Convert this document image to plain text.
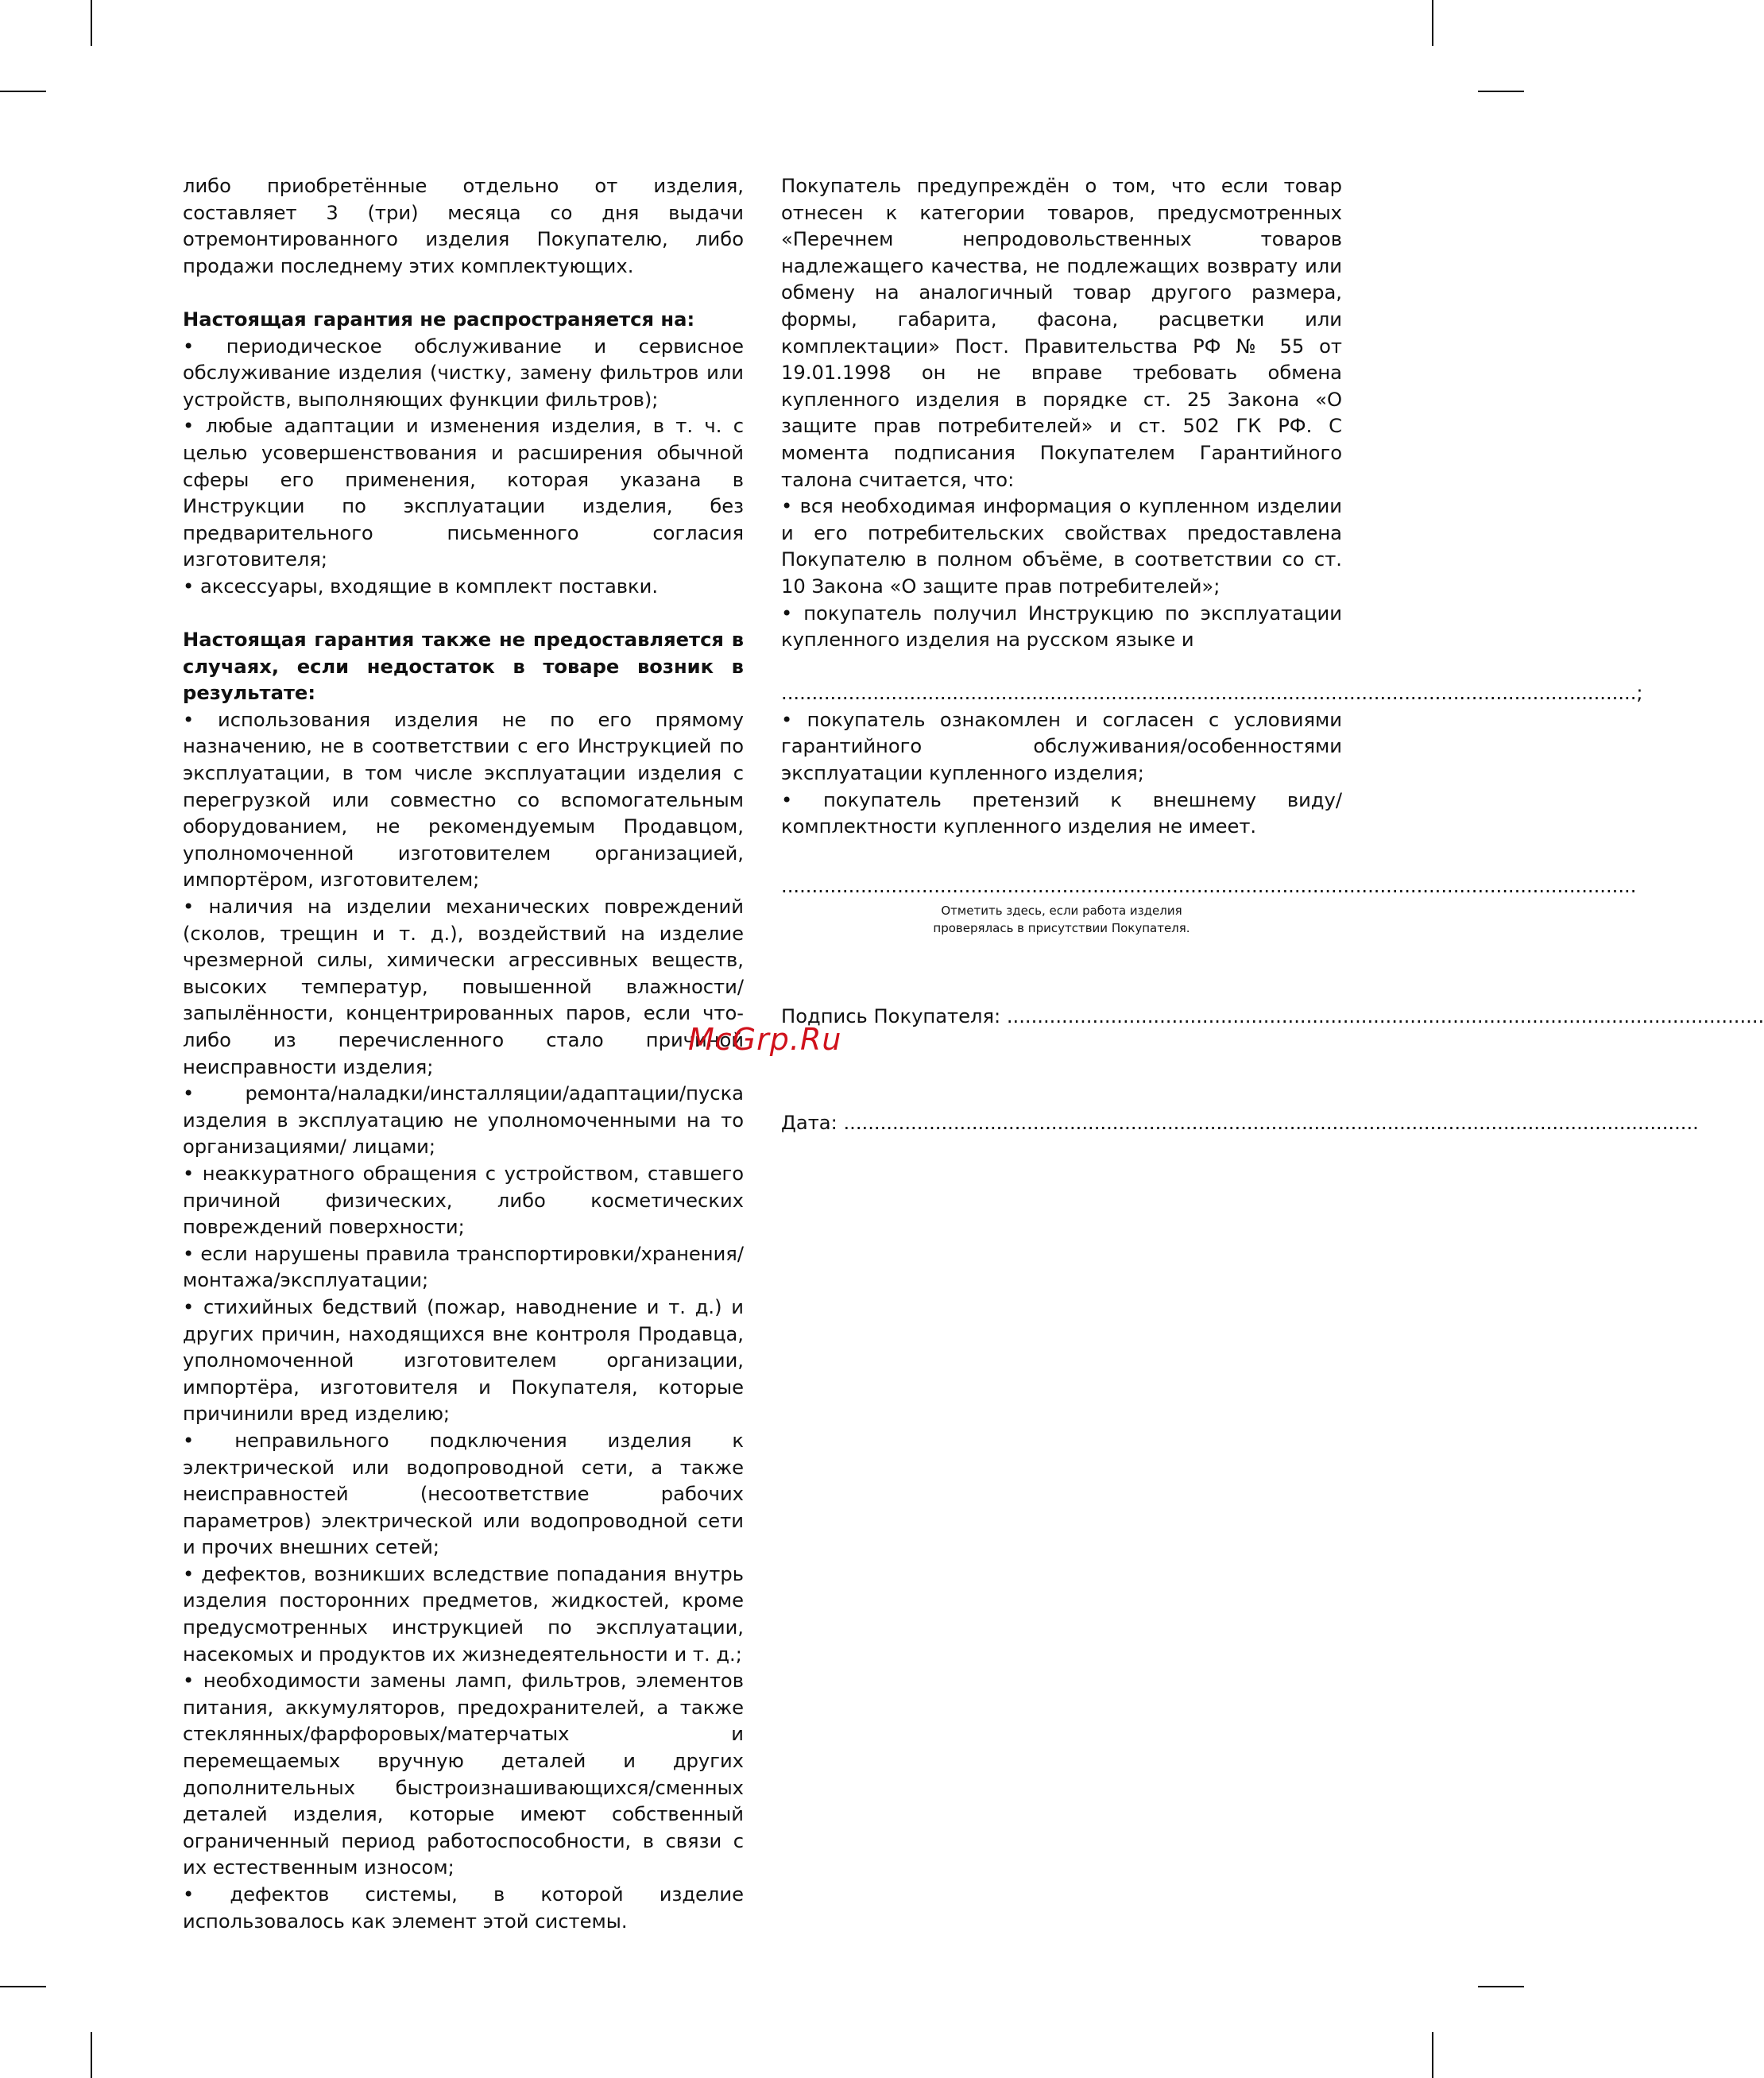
либо приобретённые отдельно от изделия, составляет 3 (три) месяца со дня выдачи отремонтированного изделия Покупателю, либо продажи последнему этих комплектующих.

Настоящая гарантия не распространяется на:

• периодическое обслуживание и сервисное обслуживание изделия (чистку, замену фильтров или устройств, выполняющих функции фильтров);

• любые адаптации и изменения изделия, в т. ч. с целью усовершенствования и расширения обычной сферы его применения, которая указана в Инструкции по эксплуатации изделия, без предварительного письменного согласия изготовителя;

• аксессуары, входящие в комплект поставки.

Настоящая гарантия также не предоставляется в случаях, если недостаток в товаре возник в результате:

• использования изделия не по его прямому назначению, не в соответствии с его Инструкцией по эксплуатации, в том числе эксплуатации изделия с перегрузкой или совместно со вспомогательным оборудованием, не рекомендуемым Продавцом, уполномоченной изготовителем организацией, импортёром, изготовителем;

• наличия на изделии механических повреждений (сколов, трещин и т. д.), воздействий на изделие чрезмерной силы, химически агрессивных веществ, высоких температур, повышенной влажности/запылённости, концентрированных паров, если что-либо из перечисленного стало причиной неисправности изделия;

• ремонта/наладки/инсталляции/адаптации/пуска изделия в эксплуатацию не уполномоченными на то организациями/ лицами;

• неаккуратного обращения с устройством, ставшего причиной физических, либо косметических повреждений поверхности;

• если нарушены правила транспортировки/хранения/монтажа/эксплуатации;

• стихийных бедствий (пожар, наводнение и т. д.) и других причин, находящихся вне контроля Продавца, уполномоченной изготовителем организации, импортёра, изготовителя и Покупателя, которые причинили вред изделию;

• неправильного подключения изделия к электрической или водопроводной сети, а также неисправностей (несоответствие рабочих параметров) электрической или водопроводной сети и прочих внешних сетей;

• дефектов, возникших вследствие попадания внутрь изделия посторонних предметов, жидкостей, кроме предусмотренных инструкцией по эксплуатации, насекомых и продуктов их жизнедеятельности и т. д.;

• необходимости замены ламп, фильтров, элементов питания, аккумуляторов, предохранителей, а также стеклянных/фарфоровых/матерчатых и перемещаемых вручную деталей и других дополнительных быстроизнашивающихся/сменных деталей изделия, которые имеют собственный ограниченный период работоспособности, в связи с их естественным износом;

• дефектов системы, в которой изделие использовалось как элемент этой системы.

Покупатель предупреждён о том, что если товар отнесен к категории товаров, предусмотренных «Перечнем непродовольственных товаров надлежащего качества, не подлежащих возврату или обмену на аналогичный товар другого размера, формы, габарита, фасона, расцветки или комплектации» Пост. Правительства РФ № 55 от 19.01.1998 он не вправе требовать обмена купленного изделия в порядке ст. 25 Закона «О защите прав потребителей» и ст. 502 ГК РФ. С момента подписания Покупателем Гарантийного талона считается, что:

• вся необходимая информация о купленном изделии и его потребительских свойствах предоставлена Покупателю в полном объёме, в соответствии со ст. 10 Закона «О защите прав потребителей»;

• покупатель получил Инструкцию по эксплуатации купленного изделия на русском языке и

............................................................................................................................................ ;

• покупатель ознакомлен и согласен с условиями гарантийного обслуживания/особенностями эксплуатации купленного изделия;

• покупатель претензий к внешнему виду/комплектности купленного изделия не имеет.

............................................................................................................................................
Отметить здесь, если работа изделия
проверялась в присутствии Покупателя.
Подпись Покупателя: ............................................................................................................................
Дата: ............................................................................................................................................
McGrp.Ru
